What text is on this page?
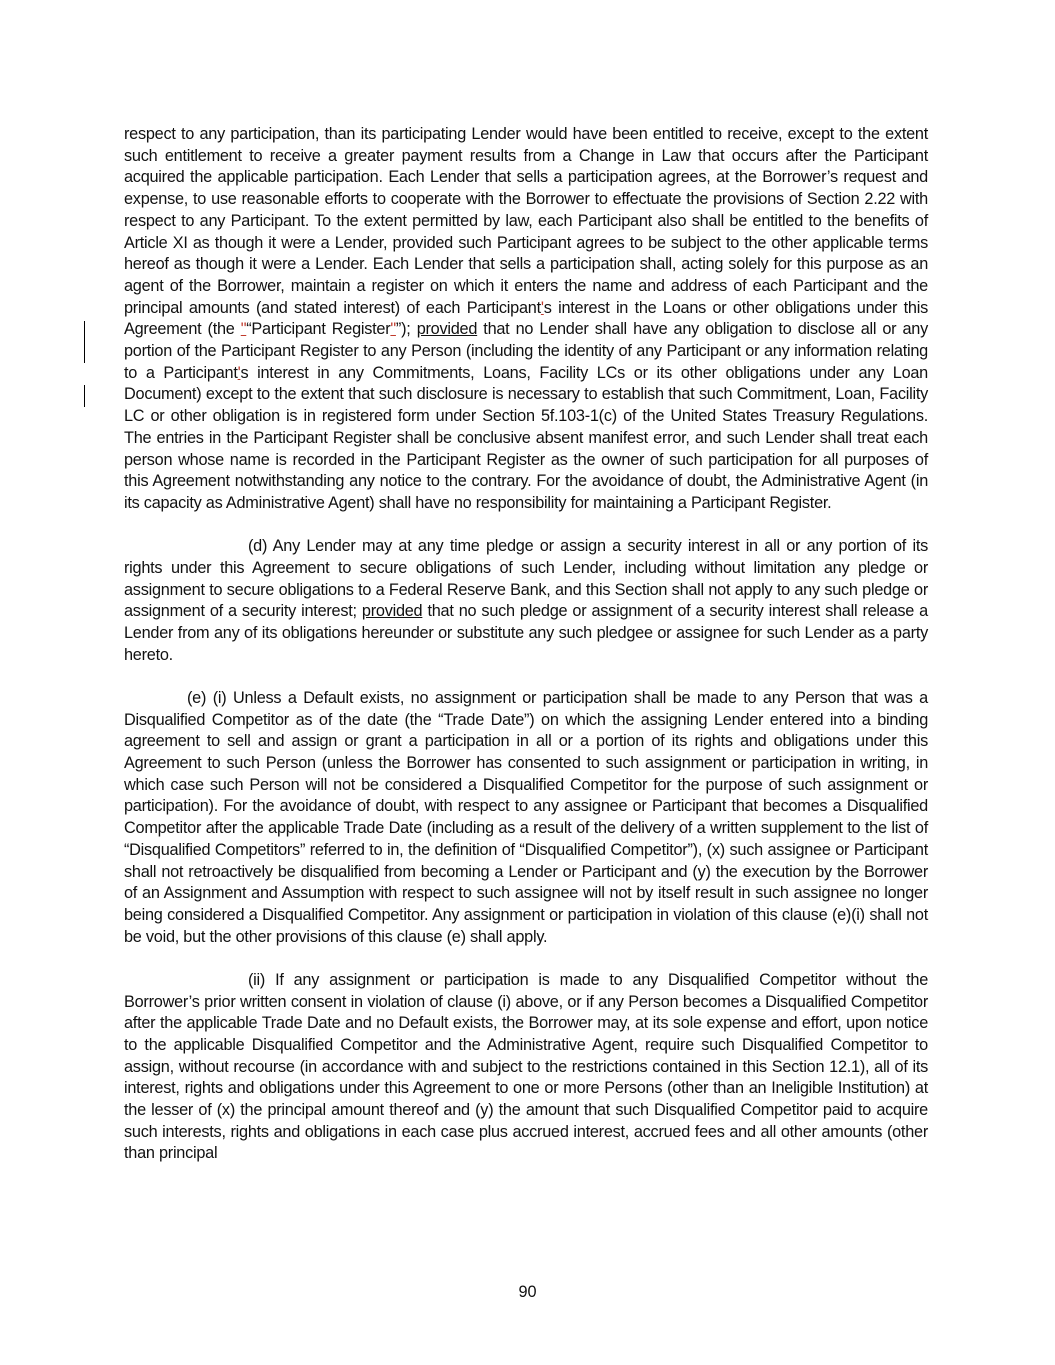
respect to any participation, than its participating Lender would have been entitled to receive, except to the extent such entitlement to receive a greater payment results from a Change in Law that occurs after the Participant acquired the applicable participation. Each Lender that sells a participation agrees, at the Borrower’s request and expense, to use reasonable efforts to cooperate with the Borrower to effectuate the provisions of Section 2.22 with respect to any Participant. To the extent permitted by law, each Participant also shall be entitled to the benefits of Article XI as though it were a Lender, provided such Participant agrees to be subject to the other applicable terms hereof as though it were a Lender. Each Lender that sells a participation shall, acting solely for this purpose as an agent of the Borrower, maintain a register on which it enters the name and address of each Participant and the principal amounts (and stated interest) of each Participant's interest in the Loans or other obligations under this Agreement (the "“Participant Register"”); provided that no Lender shall have any obligation to disclose all or any portion of the Participant Register to any Person (including the identity of any Participant or any information relating to a Participant's interest in any Commitments, Loans, Facility LCs or its other obligations under any Loan Document) except to the extent that such disclosure is necessary to establish that such Commitment, Loan, Facility LC or other obligation is in registered form under Section 5f.103-1(c) of the United States Treasury Regulations. The entries in the Participant Register shall be conclusive absent manifest error, and such Lender shall treat each person whose name is recorded in the Participant Register as the owner of such participation for all purposes of this Agreement notwithstanding any notice to the contrary. For the avoidance of doubt, the Administrative Agent (in its capacity as Administrative Agent) shall have no responsibility for maintaining a Participant Register.

(d) Any Lender may at any time pledge or assign a security interest in all or any portion of its rights under this Agreement to secure obligations of such Lender, including without limitation any pledge or assignment to secure obligations to a Federal Reserve Bank, and this Section shall not apply to any such pledge or assignment of a security interest; provided that no such pledge or assignment of a security interest shall release a Lender from any of its obligations hereunder or substitute any such pledgee or assignee for such Lender as a party hereto.

(e) (i) Unless a Default exists, no assignment or participation shall be made to any Person that was a Disqualified Competitor as of the date (the “Trade Date”) on which the assigning Lender entered into a binding agreement to sell and assign or grant a participation in all or a portion of its rights and obligations under this Agreement to such Person (unless the Borrower has consented to such assignment or participation in writing, in which case such Person will not be considered a Disqualified Competitor for the purpose of such assignment or participation). For the avoidance of doubt, with respect to any assignee or Participant that becomes a Disqualified Competitor after the applicable Trade Date (including as a result of the delivery of a written supplement to the list of “Disqualified Competitors” referred to in, the definition of “Disqualified Competitor”), (x) such assignee or Participant shall not retroactively be disqualified from becoming a Lender or Participant and (y) the execution by the Borrower of an Assignment and Assumption with respect to such assignee will not by itself result in such assignee no longer being considered a Disqualified Competitor. Any assignment or participation in violation of this clause (e)(i) shall not be void, but the other provisions of this clause (e) shall apply.

(ii) If any assignment or participation is made to any Disqualified Competitor without the Borrower’s prior written consent in violation of clause (i) above, or if any Person becomes a Disqualified Competitor after the applicable Trade Date and no Default exists, the Borrower may, at its sole expense and effort, upon notice to the applicable Disqualified Competitor and the Administrative Agent, require such Disqualified Competitor to assign, without recourse (in accordance with and subject to the restrictions contained in this Section 12.1), all of its interest, rights and obligations under this Agreement to one or more Persons (other than an Ineligible Institution) at the lesser of (x) the principal amount thereof and (y) the amount that such Disqualified Competitor paid to acquire such interests, rights and obligations in each case plus accrued interest, accrued fees and all other amounts (other than principal

90
